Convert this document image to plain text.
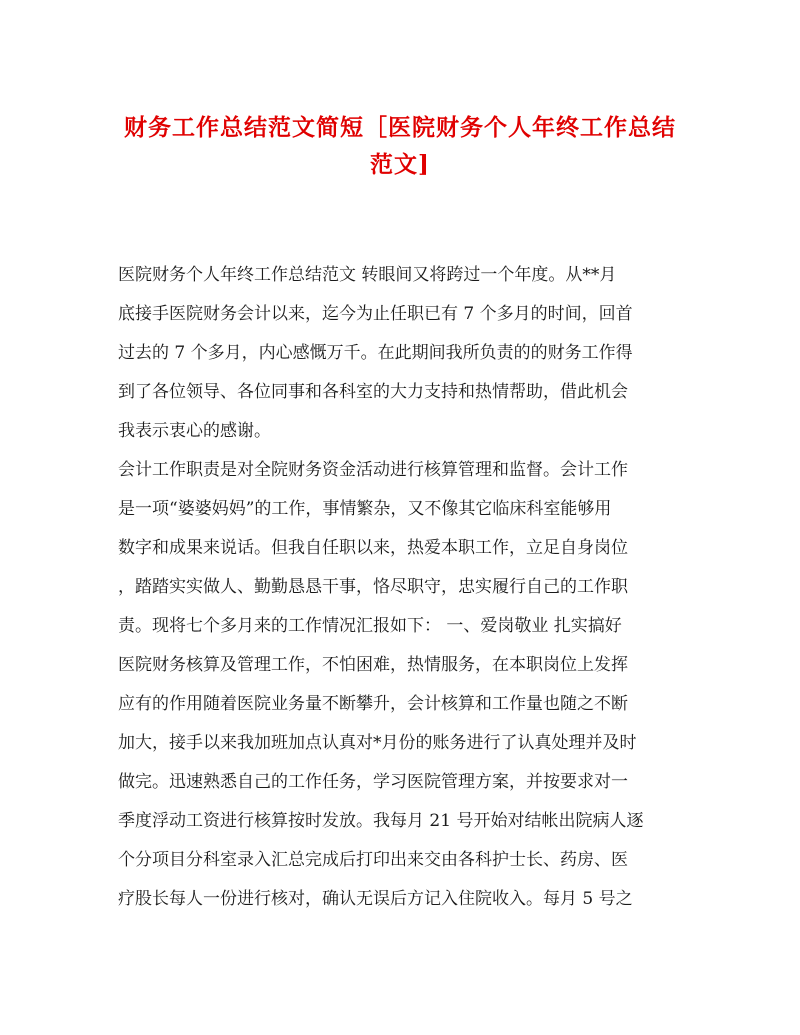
财务工作总结范文简短［医院财务个人年终工作总结
范文]

医院财务个人年终工作总结范文 转眼间又将跨过一个年度。从**月

底接手医院财务会计以来，迄今为止任职已有 7 个多月的时间，回首

过去的 7 个多月，内心感慨万千。在此期间我所负责的的财务工作得

到了各位领导、各位同事和各科室的大力支持和热情帮助，借此机会

我表示衷心的感谢。

会计工作职责是对全院财务资金活动进行核算管理和监督。会计工作

是一项“婆婆妈妈”的工作，事情繁杂，又不像其它临床科室能够用

数字和成果来说话。但我自任职以来，热爱本职工作，立足自身岗位

，踏踏实实做人、勤勤恳恳干事，恪尽职守，忠实履行自己的工作职

责。现将七个多月来的工作情况汇报如下： 一、爱岗敬业 扎实搞好

医院财务核算及管理工作，不怕困难，热情服务，在本职岗位上发挥

应有的作用随着医院业务量不断攀升，会计核算和工作量也随之不断

加大，接手以来我加班加点认真对*月份的账务进行了认真处理并及时

做完。迅速熟悉自己的工作任务，学习医院管理方案，并按要求对一

季度浮动工资进行核算按时发放。我每月 21 号开始对结帐出院病人逐

个分项目分科室录入汇总完成后打印出来交由各科护士长、药房、医

疗股长每人一份进行核对，确认无误后方记入住院收入。每月 5 号之
